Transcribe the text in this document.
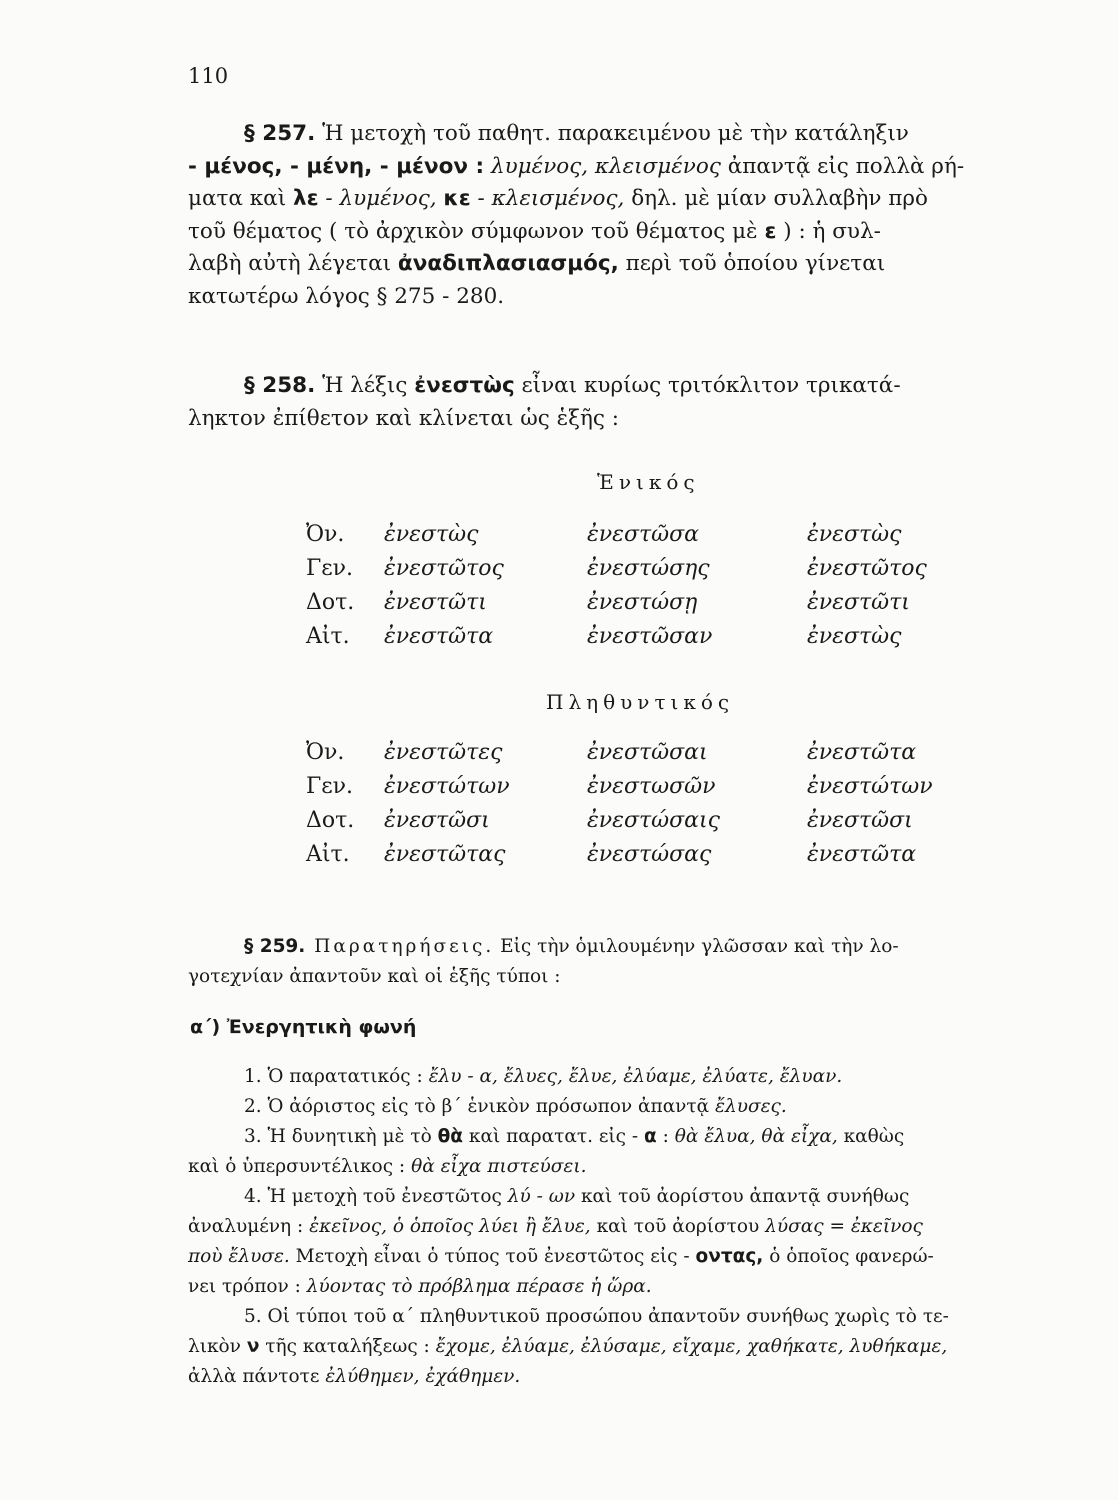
110

§ 257. Ἡ μετοχὴ τοῦ παθητ. παρακειμένου μὲ τὴν κατάληξιν

- μένος, - μένη, - μένον : λυμένος, κλεισμένος ἀπαντᾷ εἰς πολλὰ ρή-

ματα καὶ λε - λυμένος, κε - κλεισμένος, δηλ. μὲ μίαν συλλαβὴν πρὸ

τοῦ θέματος ( τὸ ἀρχικὸν σύμφωνον τοῦ θέματος μὲ ε ) : ἡ συλ-

λαβὴ αὐτὴ λέγεται ἀναδιπλασιασμός, περὶ τοῦ ὁποίου γίνεται

κατωτέρω λόγος § 275 - 280.

§ 258. Ἡ λέξις ἐνεστὼς εἶναι κυρίως τριτόκλιτον τρικατά-

ληκτον ἐπίθετον καὶ κλίνεται ὡς ἑξῆς :

Ἑνικός
Ὀν.	ἐνεστὼς	ἐνεστῶσα	ἐνεστὼς
Γεν.	ἐνεστῶτος	ἐνεστώσης	ἐνεστῶτος
Δοτ.	ἐνεστῶτι	ἐνεστώσῃ	ἐνεστῶτι
Αἰτ.	ἐνεστῶτα	ἐνεστῶσαν	ἐνεστὼς
Πληθυντικός
Ὀν.	ἐνεστῶτες	ἐνεστῶσαι	ἐνεστῶτα
Γεν.	ἐνεστώτων	ἐνεστωσῶν	ἐνεστώτων
Δοτ.	ἐνεστῶσι	ἐνεστώσαις	ἐνεστῶσι
Αἰτ.	ἐνεστῶτας	ἐνεστώσας	ἐνεστῶτα

§ 259. Παρατηρήσεις. Εἰς τὴν ὁμιλουμένην γλῶσσαν καὶ τὴν λο-

γοτεχνίαν ἀπαντοῦν καὶ οἱ ἑξῆς τύποι :

α΄) Ἐνεργητικὴ φωνή

1. Ὁ παρατατικός : ἔλυ - α, ἔλυες, ἔλυε, ἐλύαμε, ἐλύατε, ἔλυαν.

2. Ὁ ἀόριστος εἰς τὸ β΄ ἑνικὸν πρόσωπον ἀπαντᾷ ἔλυσες.

3. Ἡ δυνητικὴ μὲ τὸ θὰ καὶ παρατατ. εἰς - α : θὰ ἔλυα, θὰ εἶχα, καθὼς

καὶ ὁ ὑπερσυντέλικος : θὰ εἶχα πιστεύσει.

4. Ἡ μετοχὴ τοῦ ἐνεστῶτος λύ - ων καὶ τοῦ ἀορίστου ἀπαντᾷ συνήθως

ἀναλυμένη : ἐκεῖνος, ὁ ὁποῖος λύει ἢ ἔλυε, καὶ τοῦ ἀορίστου λύσας = ἐκεῖνος

ποὺ ἔλυσε. Μετοχὴ εἶναι ὁ τύπος τοῦ ἐνεστῶτος εἰς - οντας, ὁ ὁποῖος φανερώ-

νει τρόπον : λύοντας τὸ πρόβλημα πέρασε ἡ ὥρα.

5. Οἱ τύποι τοῦ α΄ πληθυντικοῦ προσώπου ἀπαντοῦν συνήθως χωρὶς τὸ τε-

λικὸν ν τῆς καταλήξεως : ἔχομε, ἐλύαμε, ἐλύσαμε, εἴχαμε, χαθήκατε, λυθήκαμε,

ἀλλὰ πάντοτε ἐλύθημεν, ἐχάθημεν.
